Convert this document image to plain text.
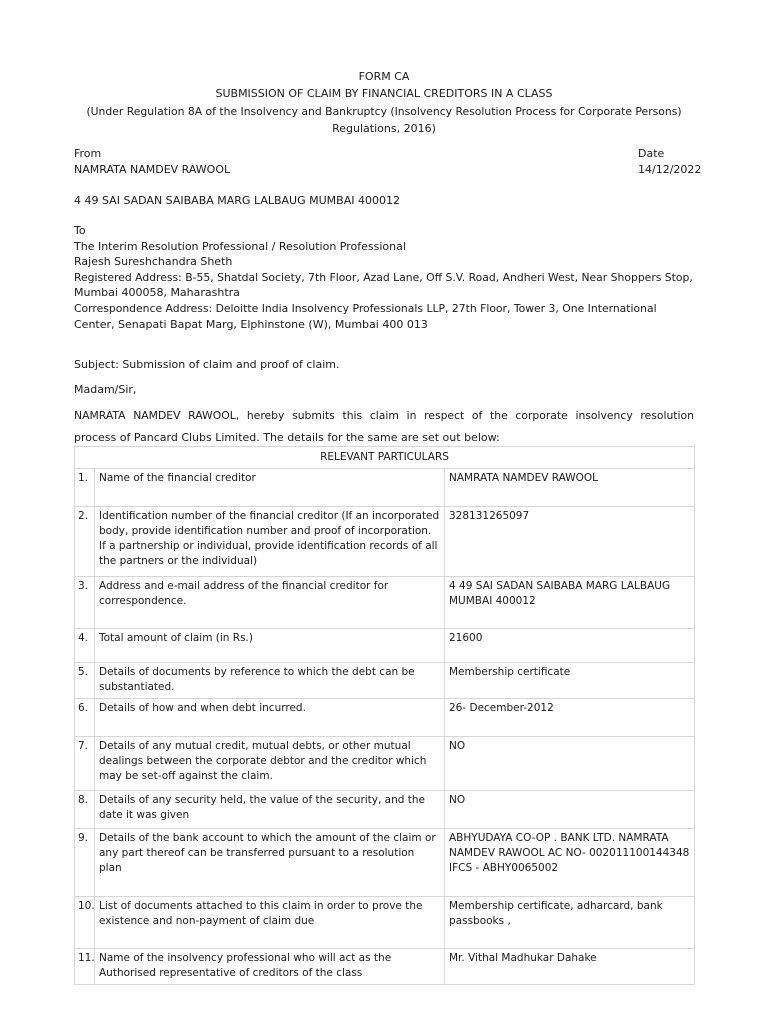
FORM CA
SUBMISSION OF CLAIM BY FINANCIAL CREDITORS IN A CLASS
(Under Regulation 8A of the Insolvency and Bankruptcy (Insolvency Resolution Process for Corporate Persons)
Regulations, 2016)
From
NAMRATA NAMDEV RAWOOL
Date
14/12/2022
4 49 SAI SADAN SAIBABA MARG LALBAUG MUMBAI 400012
To
The Interim Resolution Professional / Resolution Professional
Rajesh Sureshchandra Sheth
Registered Address: B-55, Shatdal Society, 7th Floor, Azad Lane, Off S.V. Road, Andheri West, Near Shoppers Stop,
Mumbai 400058, Maharashtra
Correspondence Address: Deloitte India Insolvency Professionals LLP, 27th Floor, Tower 3, One International
Center, Senapati Bapat Marg, Elphinstone (W), Mumbai 400 013
Subject: Submission of claim and proof of claim.
Madam/Sir,
NAMRATA NAMDEV RAWOOL, hereby submits this claim in respect of the corporate insolvency resolution
process of Pancard Clubs Limited. The details for the same are set out below:
RELEVANT PARTICULARS		
1.	Name of the financial creditor	NAMRATA NAMDEV RAWOOL
2.	Identification number of the financial creditor (If an incorporated body, provide identification number and proof of incorporation. If a partnership or individual, provide identification records of all the partners or the individual)	328131265097
3.	Address and e-mail address of the financial creditor for correspondence.	4 49 SAI SADAN SAIBABA MARG LALBAUG MUMBAI 400012
4.	Total amount of claim (in Rs.)	21600
5.	Details of documents by reference to which the debt can be substantiated.	Membership certificate
6.	Details of how and when debt incurred.	26- December-2012
7.	Details of any mutual credit, mutual debts, or other mutual dealings between the corporate debtor and the creditor which may be set-off against the claim.	NO
8.	Details of any security held, the value of the security, and the date it was given	NO
9.	Details of the bank account to which the amount of the claim or any part thereof can be transferred pursuant to a resolution plan	ABHYUDAYA CO-OP . BANK LTD. NAMRATA NAMDEV RAWOOL AC NO- 002011100144348 IFCS - ABHY0065002
10.	List of documents attached to this claim in order to prove the existence and non-payment of claim due	Membership certificate, adharcard, bank passbooks ,
11.	Name of the insolvency professional who will act as the Authorised representative of creditors of the class	Mr. Vithal Madhukar Dahake
